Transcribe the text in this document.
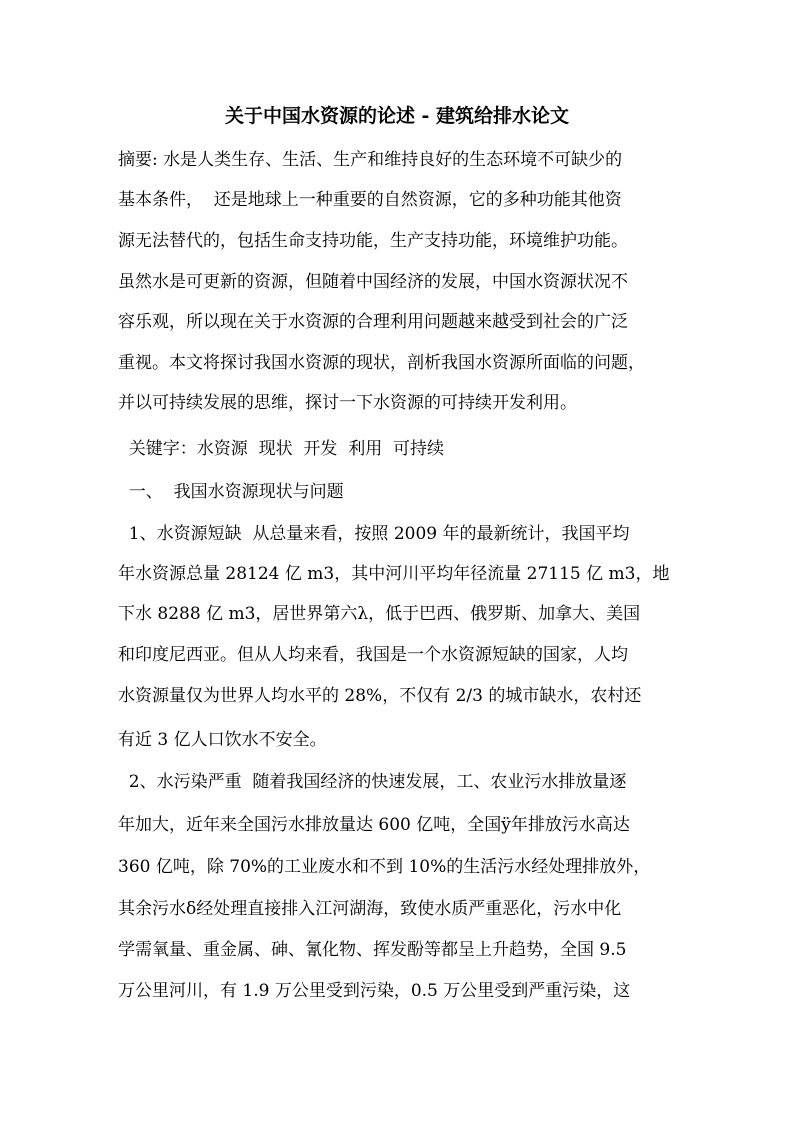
关于中国水资源的论述 - 建筑给排水论文
摘要: 水是人类生存、生活、生产和维持良好的生态环境不可缺少的
基本条件，  还是地球上一种重要的自然资源，它的多种功能其他资
源无法替代的，包括生命支持功能，生产支持功能，环境维护功能。
虽然水是可更新的资源，但随着中国经济的发展，中国水资源状况不
容乐观，所以现在关于水资源的合理利用问题越来越受到社会的广泛
重视。本文将探讨我国水资源的现状，剖析我国水资源所面临的问题，
并以可持续发展的思维，探讨一下水资源的可持续开发利用。
关键字：水资源  现状  开发  利用  可持续
一、  我国水资源现状与问题
1、水资源短缺  从总量来看，按照 2009 年的最新统计，我国平均
年水资源总量 28124 亿 m3，其中河川平均年径流量 27115 亿 m3，地
下水 8288 亿 m3，居世界第六λ，低于巴西、俄罗斯、加拿大、美国
和印度尼西亚。但从人均来看，我国是一个水资源短缺的国家，人均
水资源量仅为世界人均水平的 28%，不仅有 2/3 的城市缺水，农村还
有近 3 亿人口饮水不安全。
2、水污染严重  随着我国经济的快速发展，工、农业污水排放量逐
年加大，近年来全国污水排放量达 600 亿吨，全国ÿ年排放污水高达
360 亿吨，除 70%的工业废水和不到 10%的生活污水经处理排放外，
其余污水δ经处理直接排入江河湖海，致使水质严重恶化，污水中化
学需氧量、重金属、砷、氰化物、挥发酚等都呈上升趋势，全国 9.5
万公里河川，有 1.9 万公里受到污染，0.5 万公里受到严重污染，这
